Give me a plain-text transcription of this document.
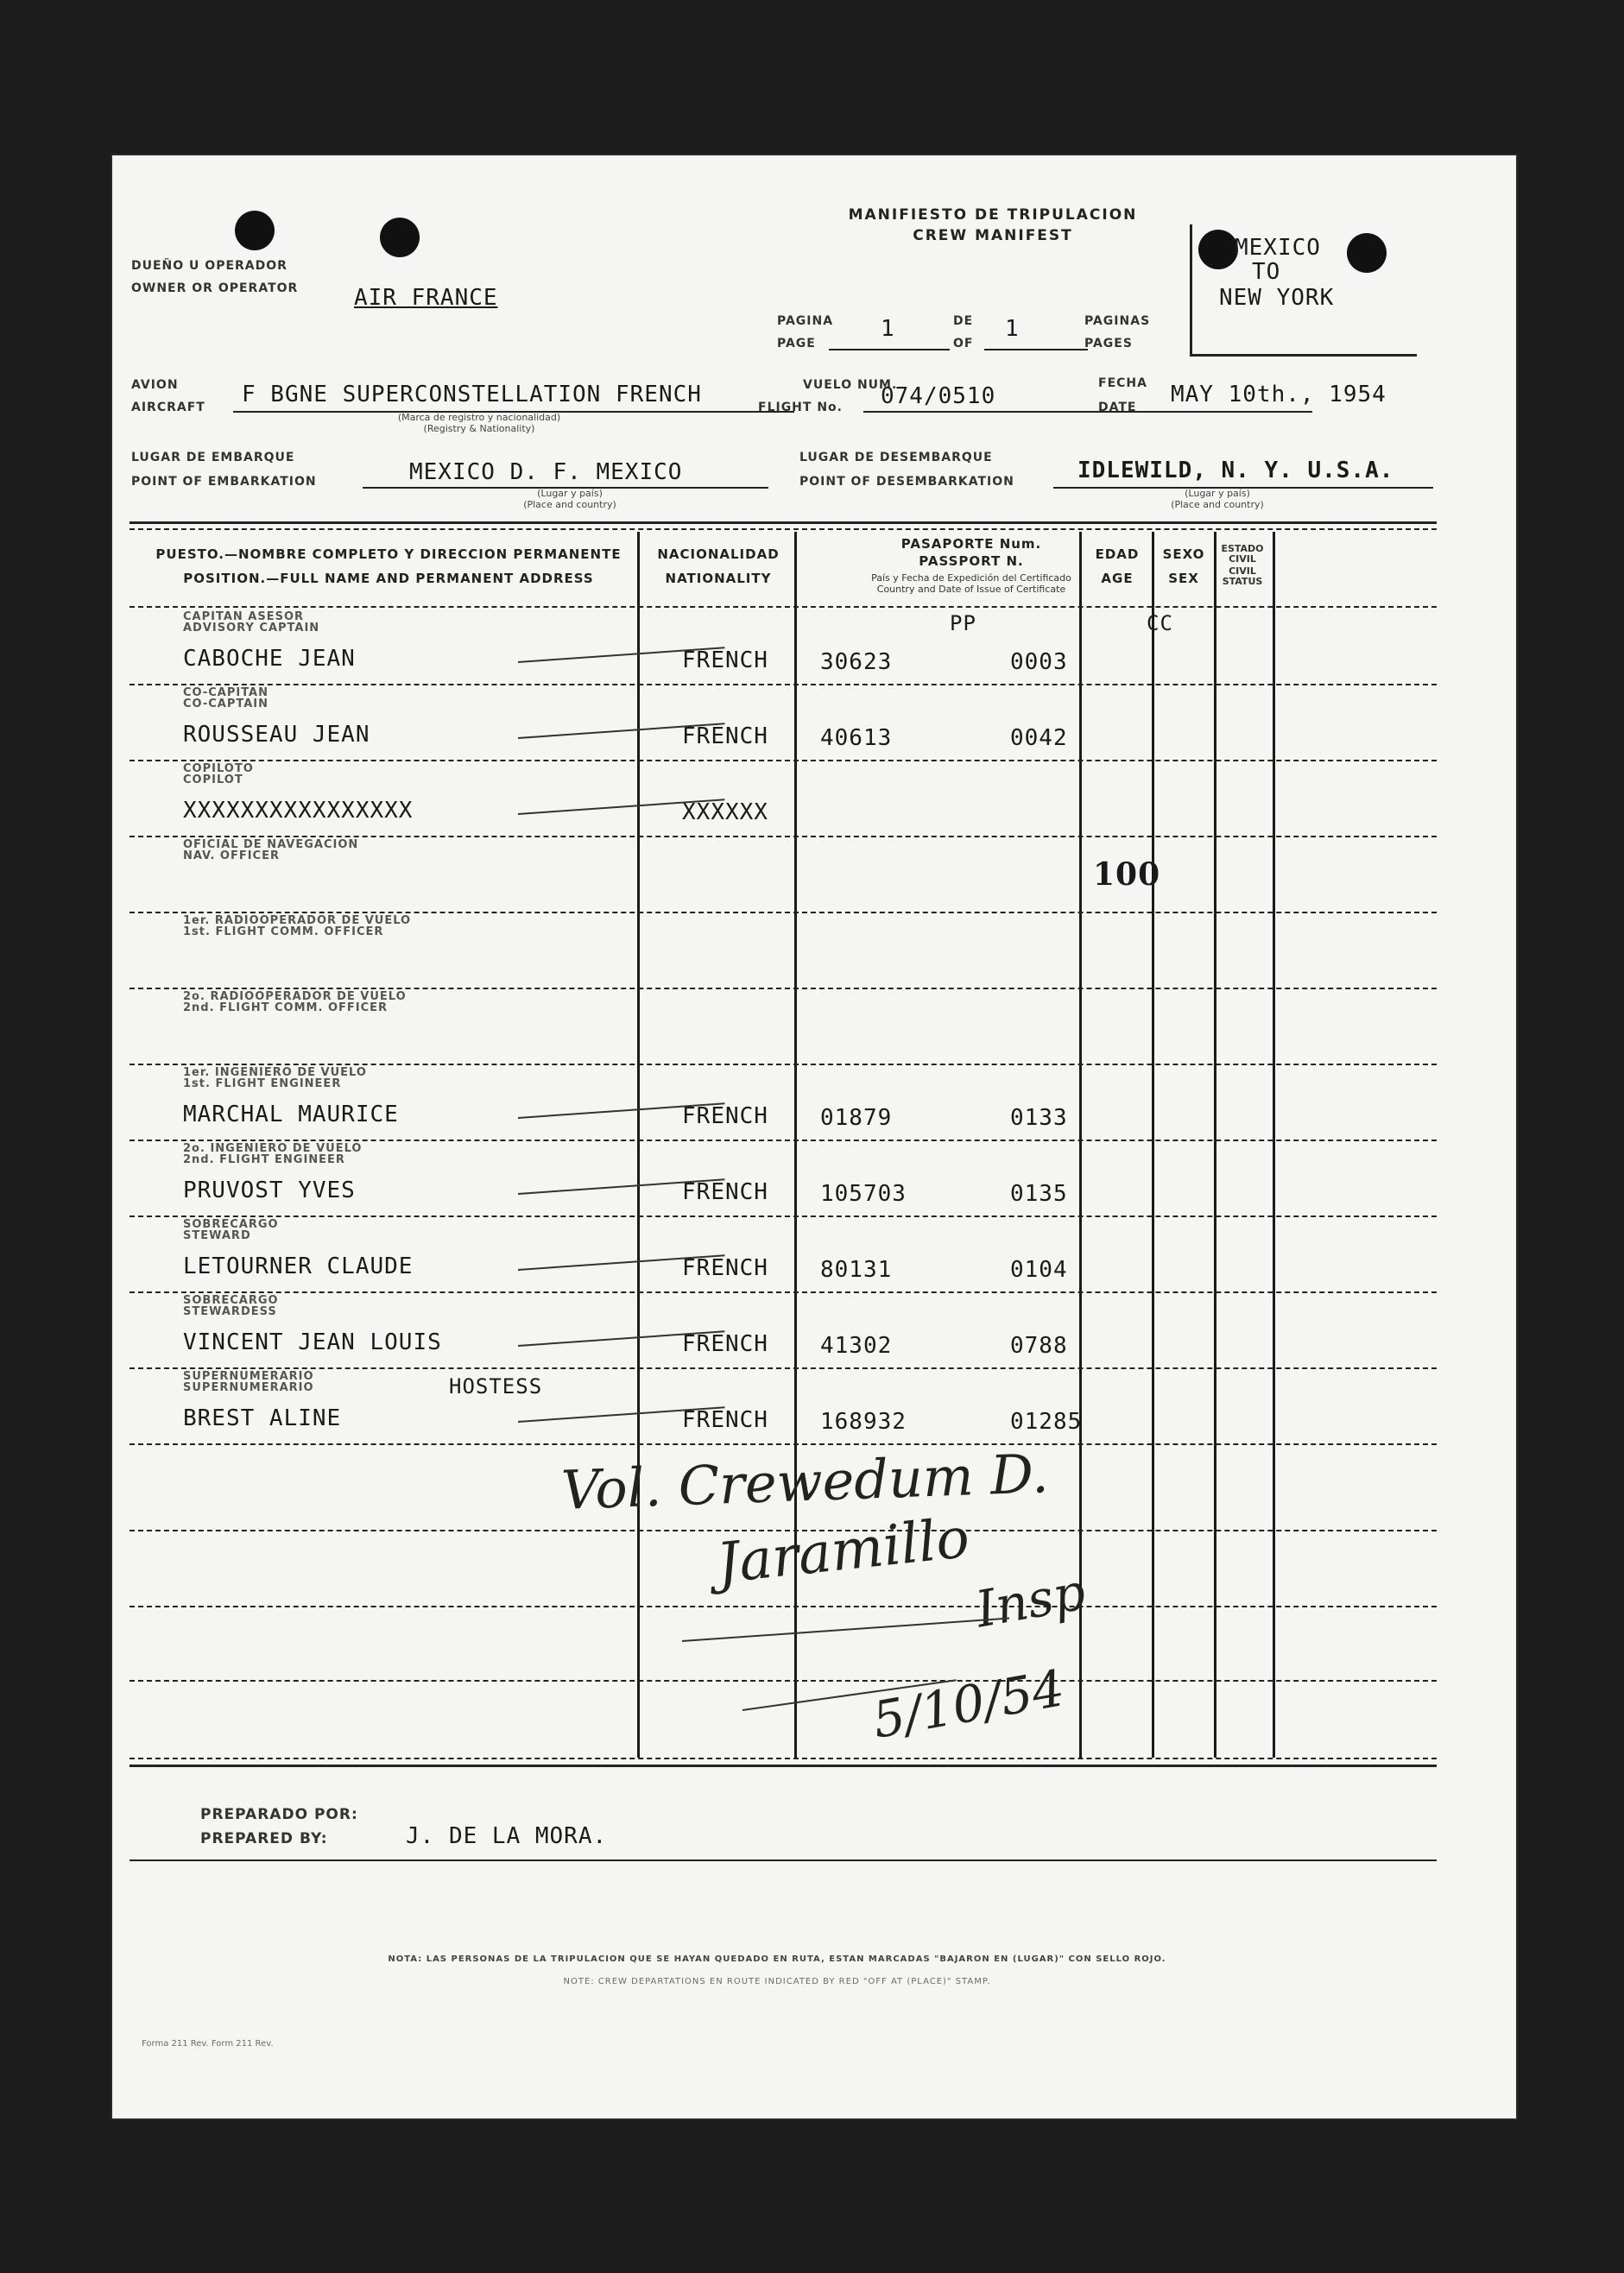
MANIFIESTO DE TRIPULACION
CREW MANIFEST
DUEÑO U OPERADOR
OWNER OR OPERATOR AIR FRANCE
PAGINA
PAGE
1	DE
OF
1	PAGINAS
PAGES
MEXICO
TO
NEW YORK
AVION
AIRCRAFT F BGNE SUPERCONSTELLATION FRENCH
(Marca de registro y nacionalidad)
(Registry & Nationality)
VUELO NUM.
FLIGHT No. 074/0510	FECHA
DATE MAY 10th., 1954
LUGAR DE EMBARQUE
POINT OF EMBARKATION	MEXICO D. F. MEXICO
(Lugar y país)
(Place and country)
LUGAR DE DESEMBARQUE
POINT OF DESEMBARKATION	IDLEWILD, N. Y. U.S.A.
(Lugar y país)
(Place and country)
PUESTO.—NOMBRE COMPLETO Y DIRECCION PERMANENTE
POSITION.—FULL NAME AND PERMANENT ADDRESS
NACIONALIDAD
NATIONALITY
PASAPORTE Num.
PASSPORT N.
País y Fecha de Expedición del Certificado
Country and Date of Issue of Certificate
EDAD
AGE
SEXO
SEX
ESTADO CIVIL
CIVIL STATUS
CAPITAN ASESOR
ADVISORY CAPTAIN
CABOCHE JEAN	FRENCH	30623	0003
CO-CAPITAN
CO-CAPTAIN
ROUSSEAU JEAN	FRENCH	40613	0042
COPILOTO
COPILOT
XXXXXXXXXXXXXXXX	XXXXXX
OFICIAL DE NAVEGACION
NAV. OFFICER
1er. RADIOOPERADOR DE VUELO
1st. FLIGHT COMM. OFFICER
2o. RADIOOPERADOR DE VUELO
2nd. FLIGHT COMM. OFFICER
1er. INGENIERO DE VUELO
1st. FLIGHT ENGINEER
MARCHAL MAURICE	FRENCH	01879	0133
2o. INGENIERO DE VUELO
2nd. FLIGHT ENGINEER
PRUVOST YVES	FRENCH	105703	0135
SOBRECARGO
STEWARD
LETOURNER CLAUDE	FRENCH	80131	0104
SOBRECARGO
STEWARDESS
VINCENT JEAN LOUIS	FRENCH	41302	0788
SUPERNUMERARIO
SUPERNUMERARIO	HOSTESS
BREST ALINE	FRENCH	168932	01285
PP	CC
100
Vol. Crewedum D.
Jaramillo
Insp
5/10/54
PREPARADO POR:
PREPARED BY:	J. DE LA MORA.
NOTA: LAS PERSONAS DE LA TRIPULACION QUE SE HAYAN QUEDADO EN RUTA, ESTAN MARCADAS "BAJARON EN (LUGAR)" CON SELLO ROJO.
NOTE: CREW DEPARTATIONS EN ROUTE INDICATED BY RED "OFF AT (PLACE)" STAMP.
Forma 211 Rev. Form 211 Rev.
